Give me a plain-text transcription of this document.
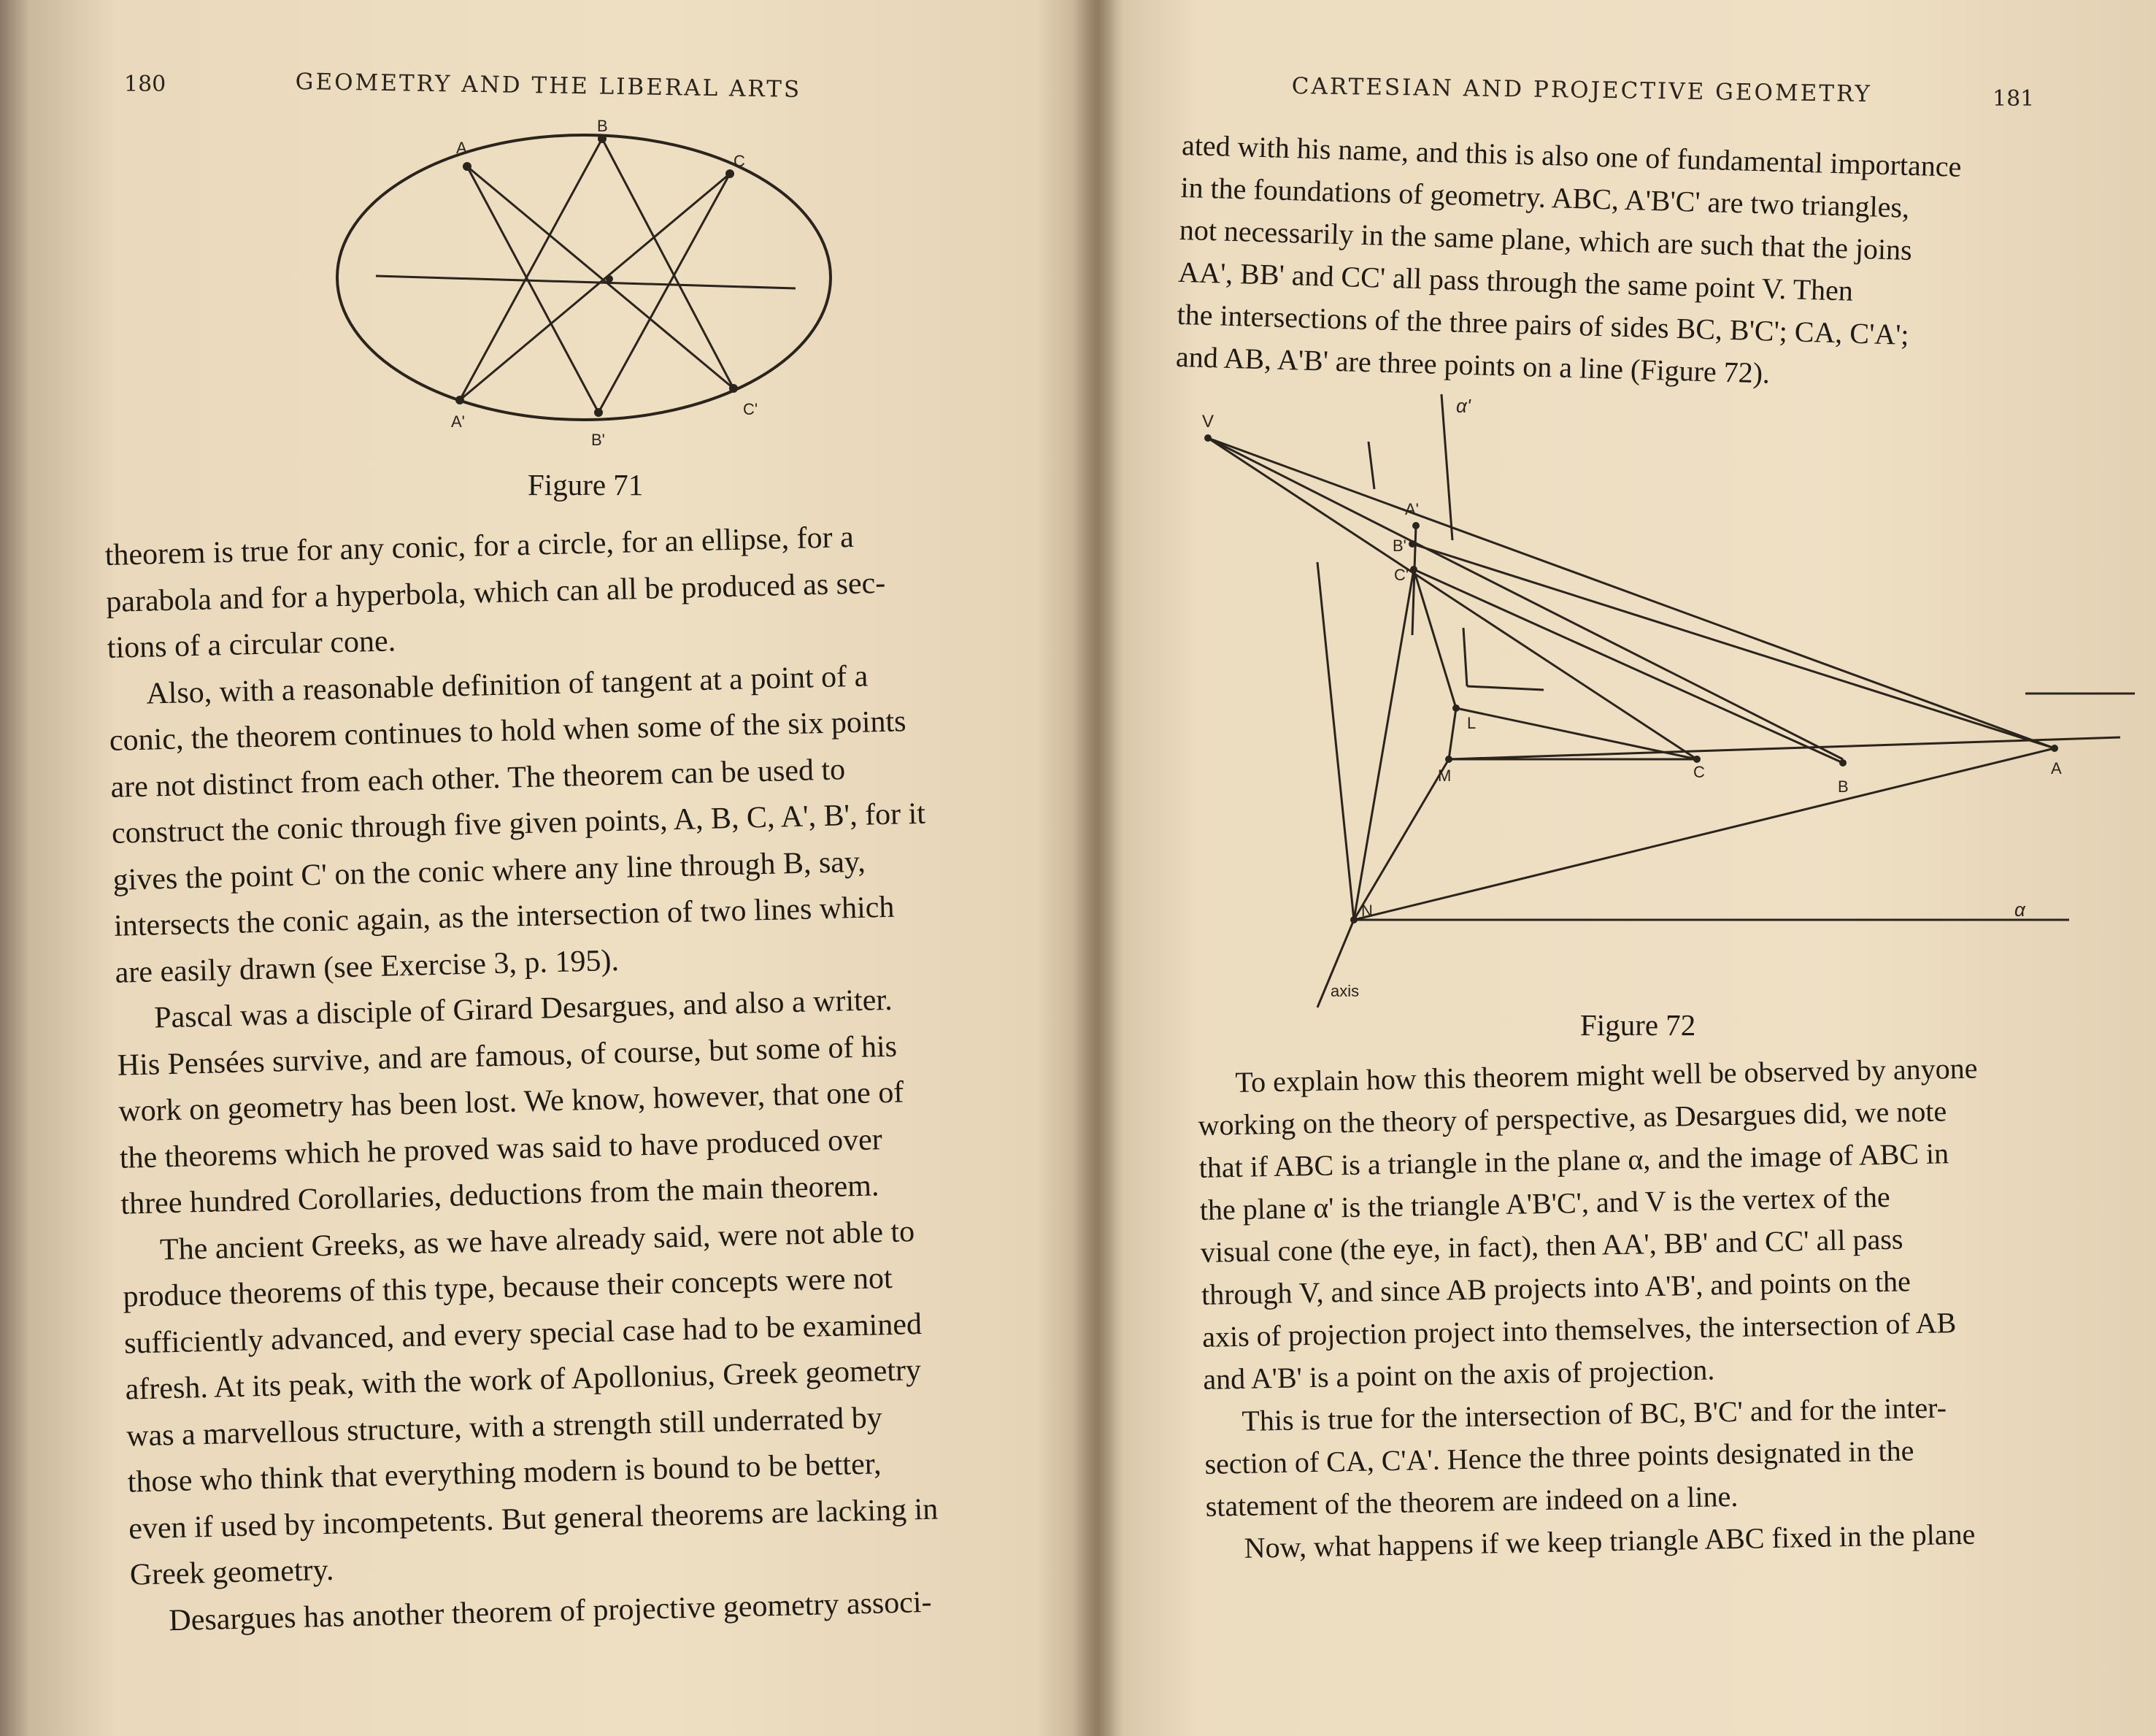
180	GEOMETRY AND THE LIBERAL ARTS
A
B
C
A'
B'
C'
Figure 71

theorem is true for any conic, for a circle, for an ellipse, for a

parabola and for a hyperbola, which can all be produced as sec-

tions of a circular cone.

Also, with a reasonable definition of tangent at a point of a

conic, the theorem continues to hold when some of the six points

are not distinct from each other. The theorem can be used to

construct the conic through five given points, A, B, C, A', B', for it

gives the point C' on the conic where any line through B, say,

intersects the conic again, as the intersection of two lines which

are easily drawn (see Exercise 3, p. 195).

Pascal was a disciple of Girard Desargues, and also a writer.

His Pensées survive, and are famous, of course, but some of his

work on geometry has been lost. We know, however, that one of

the theorems which he proved was said to have produced over

three hundred Corollaries, deductions from the main theorem.

The ancient Greeks, as we have already said, were not able to

produce theorems of this type, because their concepts were not

sufficiently advanced, and every special case had to be examined

afresh. At its peak, with the work of Apollonius, Greek geometry

was a marvellous structure, with a strength still underrated by

those who think that everything modern is bound to be better,

even if used by incompetents. But general theorems are lacking in

Greek geometry.

Desargues has another theorem of projective geometry associ-

CARTESIAN AND PROJECTIVE GEOMETRY	181

ated with his name, and this is also one of fundamental importance

in the foundations of geometry. ABC, A'B'C' are two triangles,

not necessarily in the same plane, which are such that the joins

AA', BB' and CC' all pass through the same point V. Then

the intersections of the three pairs of sides BC, B'C'; CA, C'A';

and AB, A'B' are three points on a line (Figure 72).

V
α'
A'
B'
C'
L
M
N
C
B
A
α
axis
Figure 72

To explain how this theorem might well be observed by anyone

working on the theory of perspective, as Desargues did, we note

that if ABC is a triangle in the plane α, and the image of ABC in

the plane α' is the triangle A'B'C', and V is the vertex of the

visual cone (the eye, in fact), then AA', BB' and CC' all pass

through V, and since AB projects into A'B', and points on the

axis of projection project into themselves, the intersection of AB

and A'B' is a point on the axis of projection.

This is true for the intersection of BC, B'C' and for the inter-

section of CA, C'A'. Hence the three points designated in the

statement of the theorem are indeed on a line.

Now, what happens if we keep triangle ABC fixed in the plane
